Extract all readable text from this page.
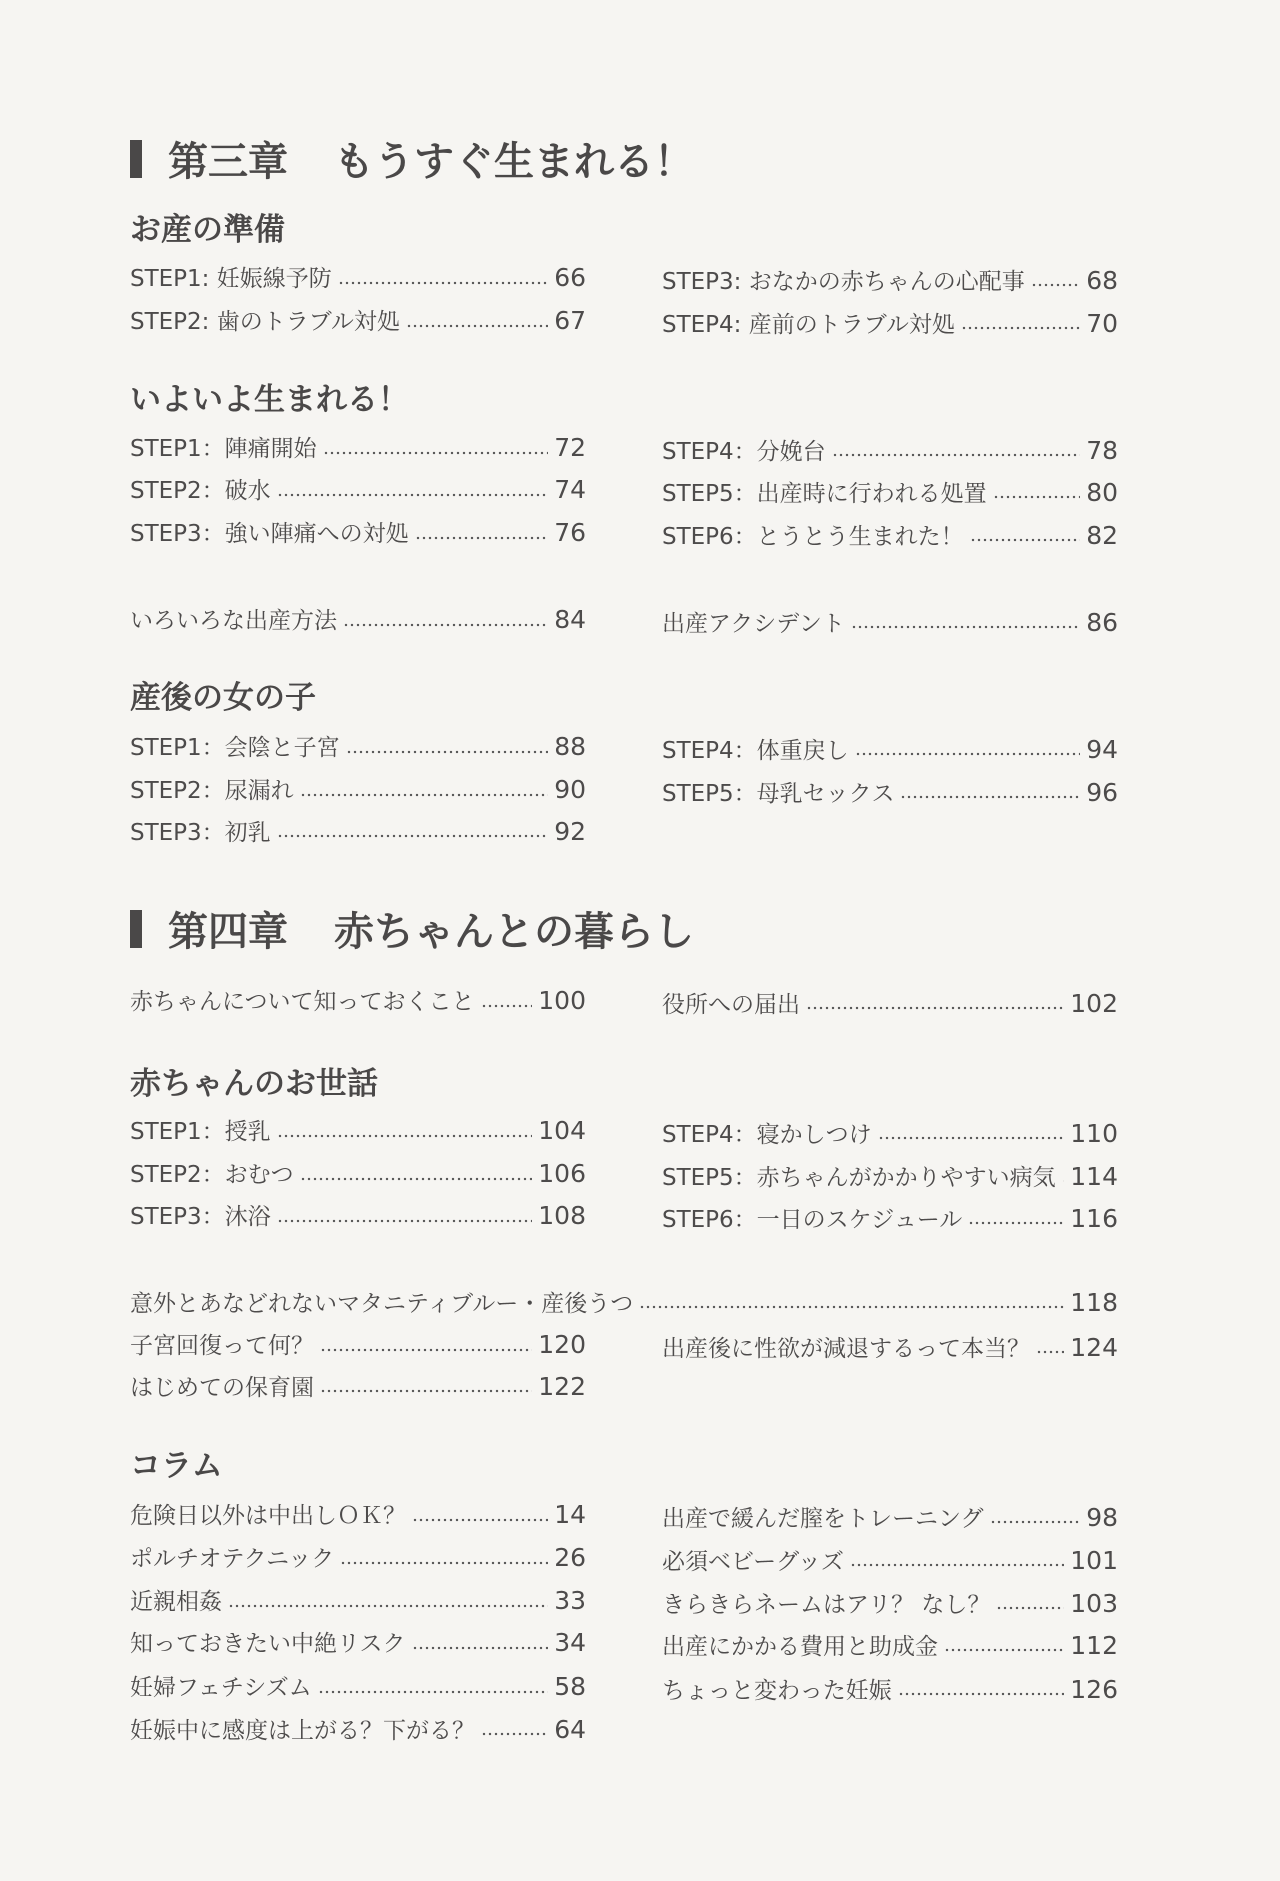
第三章 もうすぐ生まれる！
お産の準備
STEP1: 妊娠線予防	66	STEP3: おなかの赤ちゃんの心配事 68
STEP2: 歯のトラブル対処	67	STEP4: 産前のトラブル対処	70
いよいよ生まれる！
STEP1：陣痛開始	72	STEP4：分娩台	78
STEP2：破水	74	STEP5：出産時に行われる処置	80
STEP3：強い陣痛への対処	76	STEP6：とうとう生まれた！	82
いろいろな出産方法	84	出産アクシデント	86
産後の女の子
STEP1：会陰と子宮	88	STEP4：体重戻し	94
STEP2：尿漏れ	90	STEP5：母乳セックス	96
STEP3：初乳	92
第四章 赤ちゃんとの暮らし
赤ちゃんについて知っておくこと	100	役所への届出	102
赤ちゃんのお世話
STEP1：授乳	104	STEP4：寝かしつけ	110
STEP2：おむつ	106	STEP5：赤ちゃんがかかりやすい病気 114
STEP3：沐浴	108	STEP6：一日のスケジュール	116
意外とあなどれないマタニティブルー・産後うつ	118
子宮回復って何？	120	出産後に性欲が減退するって本当？ 124
はじめての保育園	122
コラム
危険日以外は中出しＯＫ？	14	出産で緩んだ膣をトレーニング	98
ポルチオテクニック	26	必須ベビーグッズ	101
近親相姦	33	きらきらネームはアリ？ なし？	103
知っておきたい中絶リスク	34	出産にかかる費用と助成金	112
妊婦フェチシズム	58	ちょっと変わった妊娠	126
妊娠中に感度は上がる？下がる？	64
